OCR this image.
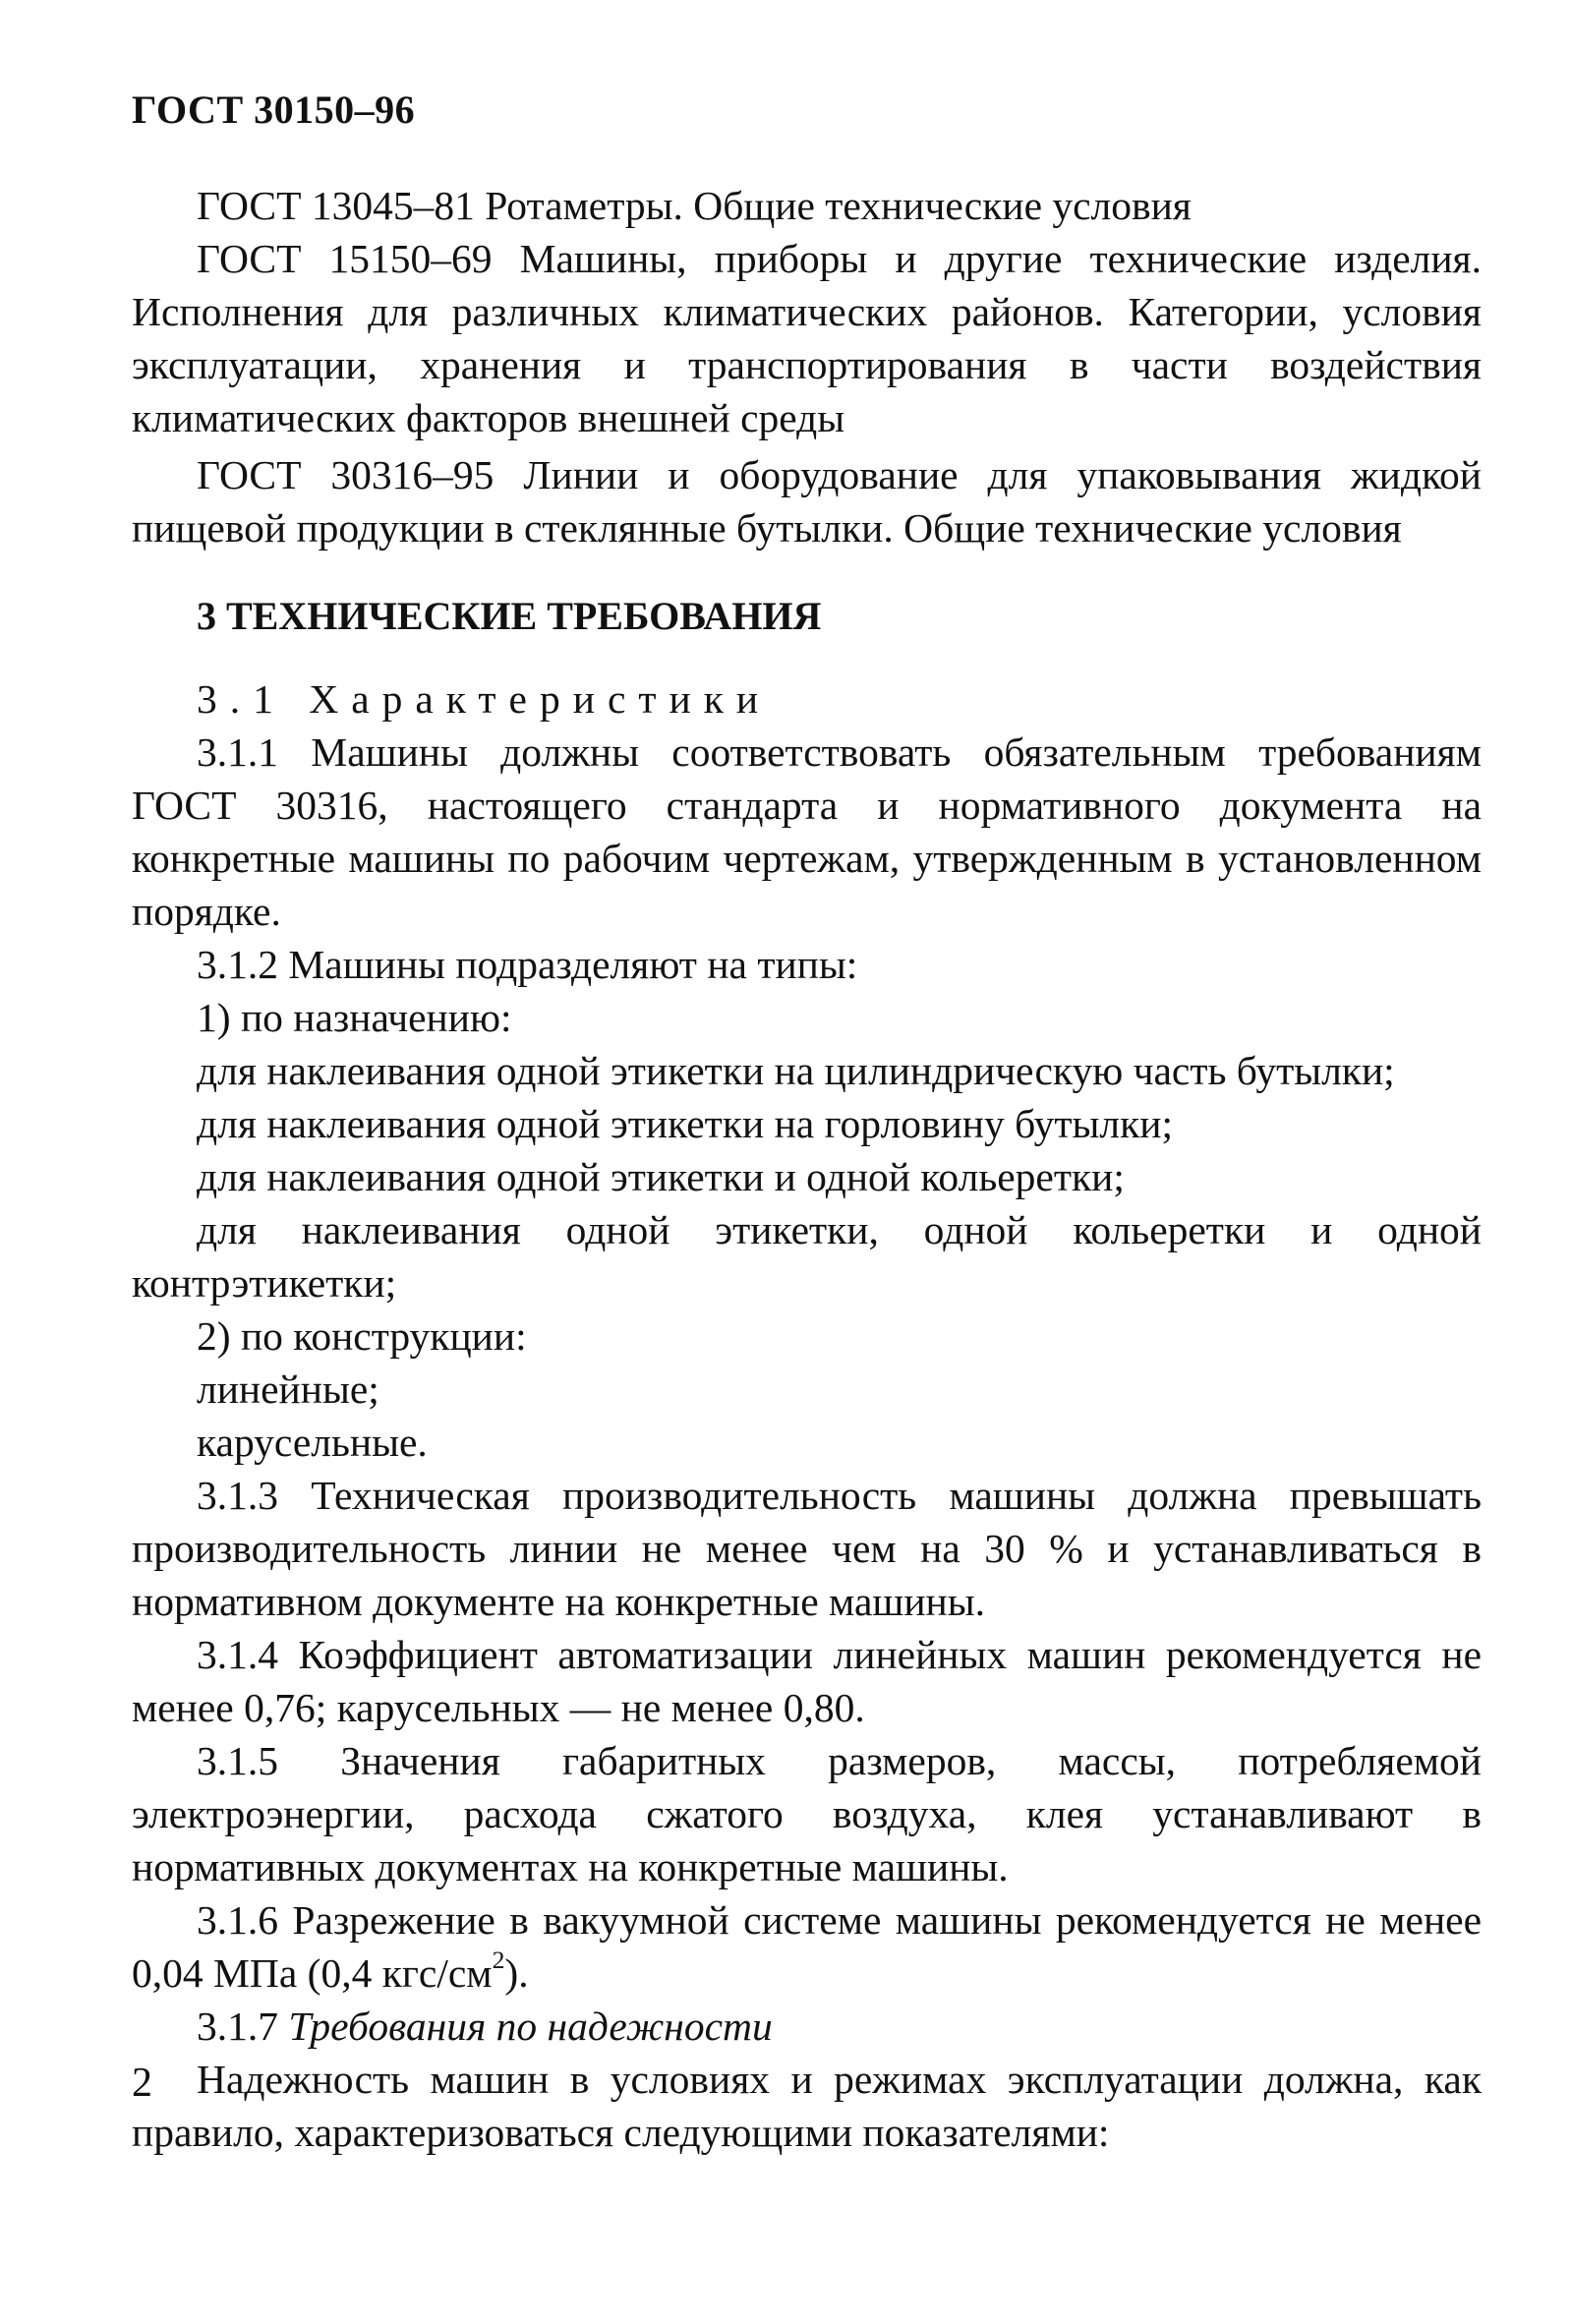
ГОСТ 30150–96

ГОСТ 13045–81 Ротаметры. Общие технические условия

ГОСТ 15150–69 Машины, приборы и другие технические изделия. Исполнения для различных климатических районов. Категории, условия эксплуатации, хранения и транспортирования в части воздействия климатических факторов внешней среды

ГОСТ 30316–95 Линии и оборудование для упаковывания жидкой пищевой продукции в стеклянные бутылки. Общие технические условия

3 ТЕХНИЧЕСКИЕ ТРЕБОВАНИЯ

3.1 Характеристики

3.1.1 Машины должны соответствовать обязательным требованиям ГОСТ 30316, настоящего стандарта и нормативного документа на конкретные машины по рабочим чертежам, утвержденным в установленном порядке.

3.1.2 Машины подразделяют на типы:

1) по назначению:

для наклеивания одной этикетки на цилиндрическую часть бутылки;

для наклеивания одной этикетки на горловину бутылки;

для наклеивания одной этикетки и одной кольеретки;

для наклеивания одной этикетки, одной кольеретки и одной контрэтикетки;

2) по конструкции:

линейные;

карусельные.

3.1.3 Техническая производительность машины должна превышать производительность линии не менее чем на 30 % и устанавливаться в нормативном документе на конкретные машины.

3.1.4 Коэффициент автоматизации линейных машин рекомендуется не менее 0,76; карусельных — не менее 0,80.

3.1.5 Значения габаритных размеров, массы, потребляемой электроэнергии, расхода сжатого воздуха, клея устанавливают в нормативных документах на конкретные машины.

3.1.6 Разрежение в вакуумной системе машины рекомендуется не менее 0,04 МПа (0,4 кгс/$см^2$).

3.1.7 Требования по надежности

Надежность машин в условиях и режимах эксплуатации должна, как правило, характеризоваться следующими показателями:

2
